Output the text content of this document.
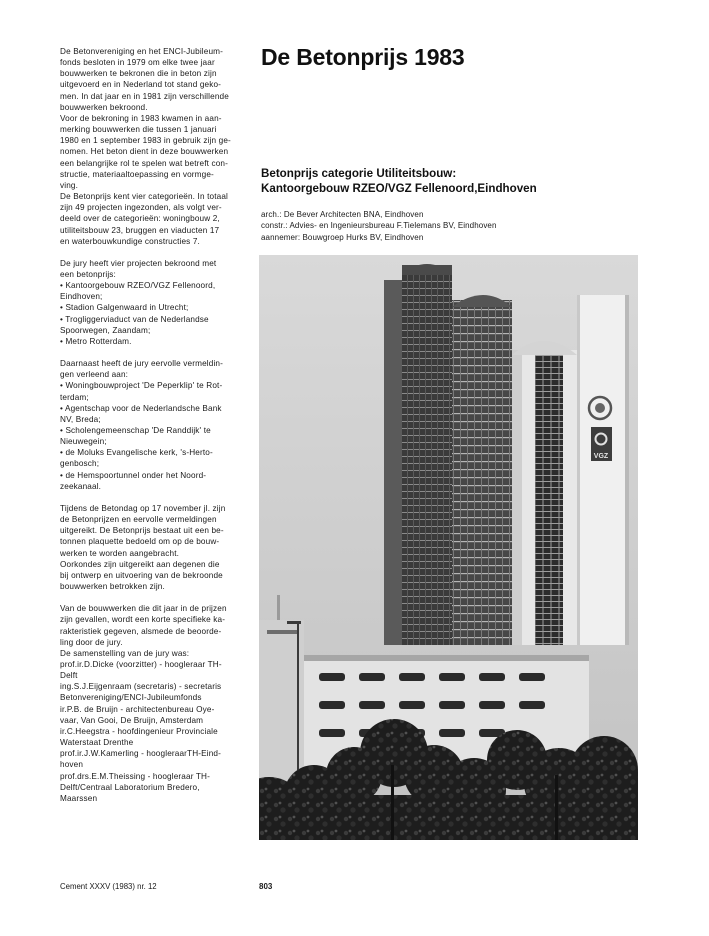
De Betonvereniging en het ENCI-Jubileum-
fonds besloten in 1979 om elke twee jaar
bouwwerken te bekronen die in beton zijn
uitgevoerd en in Nederland tot stand geko-
men. In dat jaar en in 1981 zijn verschillende
bouwwerken bekroond.
Voor de bekroning in 1983 kwamen in aan-
merking bouwwerken die tussen 1 januari
1980 en 1 september 1983 in gebruik zijn ge-
nomen. Het beton dient in deze bouwwerken
een belangrijke rol te spelen wat betreft con-
structie, materiaaltoepassing en vormge-
ving.
De Betonprijs kent vier categorieën. In totaal
zijn 49 projecten ingezonden, als volgt ver-
deeld over de categorieën: woningbouw 2,
utiliteitsbouw 23, bruggen en viaducten 17
en waterbouwkundige constructies 7.
De jury heeft vier projecten bekroond met
een betonprijs:
• Kantoorgebouw RZEO/VGZ Fellenoord,
Eindhoven;
• Stadion Galgenwaard in Utrecht;
• Trogliggerviaduct van de Nederlandse
Spoorwegen, Zaandam;
• Metro Rotterdam.
Daarnaast heeft de jury eervolle vermeldin-
gen verleend aan:
• Woningbouwproject 'De Peperklip' te Rot-
terdam;
• Agentschap voor de Nederlandsche Bank
NV, Breda;
• Scholengemeenschap 'De Randdijk' te
Nieuwegein;
• de Moluks Evangelische kerk, 's-Herto-
genbosch;
• de Hemspoortunnel onder het Noord-
zeekanaal.
Tijdens de Betondag op 17 november jl. zijn
de Betonprijzen en eervolle vermeldingen
uitgereikt. De Betonprijs bestaat uit een be-
tonnen plaquette bedoeld om op de bouw-
werken te worden aangebracht.
Oorkondes zijn uitgereikt aan degenen die
bij ontwerp en uitvoering van de bekroonde
bouwwerken betrokken zijn.
Van de bouwwerken die dit jaar in de prijzen
zijn gevallen, wordt een korte specifieke ka-
rakteristiek gegeven, alsmede de beoorde-
ling door de jury.
De samenstelling van de jury was:
prof.ir.D.Dicke (voorzitter) - hoogleraar TH-
Delft
ing.S.J.Eijgenraam (secretaris) - secretaris
Betonvereniging/ENCI-Jubileumfonds
ir.P.B. de Bruijn - architectenbureau Oye-
vaar, Van Gooi, De Bruijn, Amsterdam
ir.C.Heegstra - hoofdingenieur Provinciale
Waterstaat Drenthe
prof.ir.J.W.Kamerling - hoogleraarTH-Eind-
hoven
prof.drs.E.M.Theissing - hoogleraar TH-
Delft/Centraal Laboratorium Bredero,
Maarssen
De Betonprijs 1983
Betonprijs categorie Utiliteitsbouw:
Kantoorgebouw RZEO/VGZ Fellenoord,Eindhoven
arch.: De Bever Architecten BNA, Eindhoven
constr.: Advies- en Ingenieursbureau F.Tielemans BV, Eindhoven
aannemer: Bouwgroep Hurks BV, Eindhoven
VGZ
Cement XXXV (1983) nr. 12	803
